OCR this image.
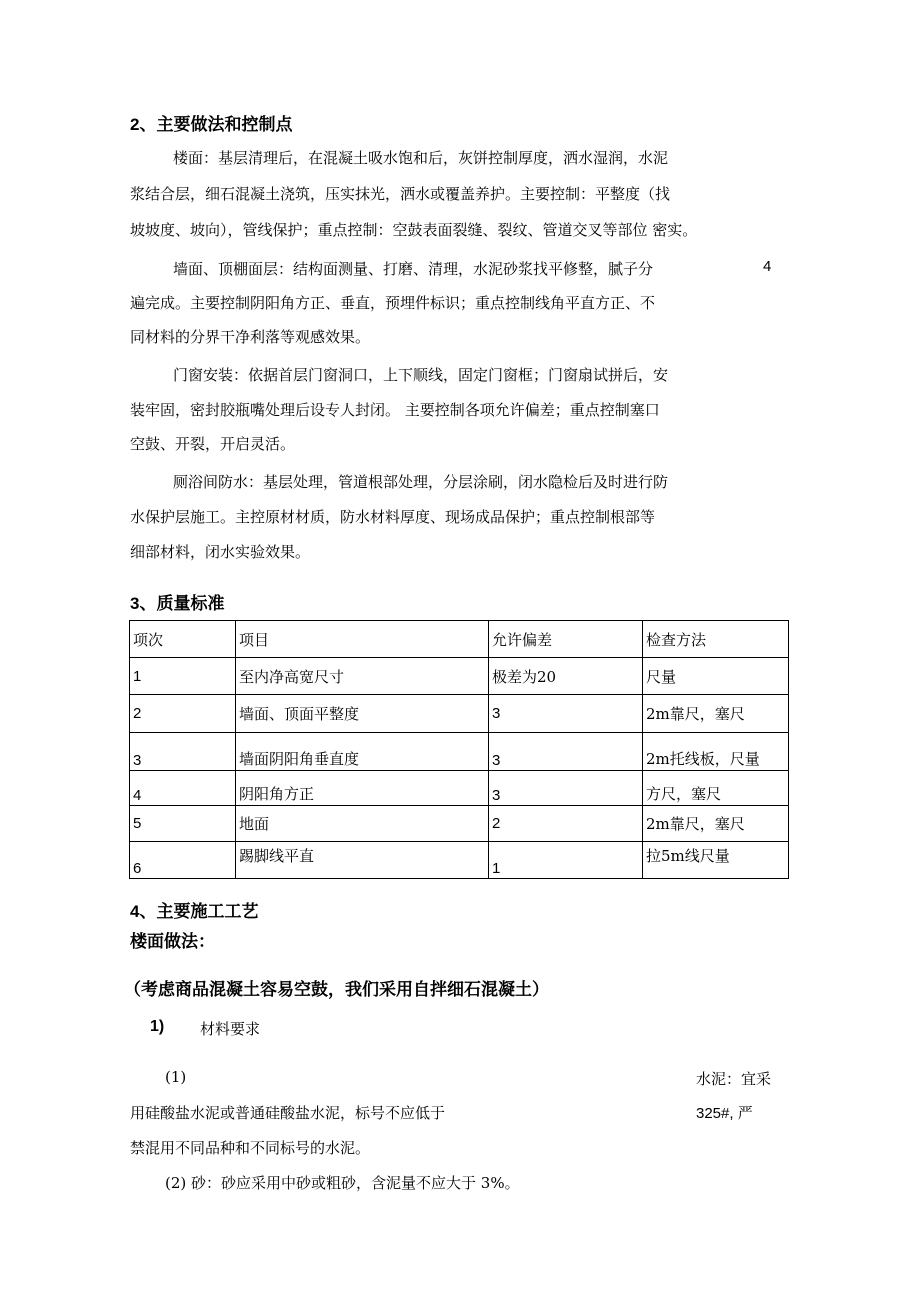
2、主要做法和控制点
楼面：基层清理后，在混凝土吸水饱和后，灰饼控制厚度，洒水湿润，水泥
浆结合层，细石混凝土浇筑，压实抹光，洒水或覆盖养护。主要控制：平整度（找
坡坡度、坡向），管线保护；重点控制：空鼓表面裂缝、裂纹、管道交叉等部位 密实。
墙面、顶棚面层：结构面测量、打磨、清理，水泥砂浆找平修整，腻子分	4
遍完成。主要控制阴阳角方正、垂直，预埋件标识；重点控制线角平直方正、不
同材料的分界干净利落等观感效果。
门窗安装：依据首层门窗洞口，上下顺线，固定门窗框；门窗扇试拼后，安
装牢固，密封胶瓶嘴处理后设专人封闭。 主要控制各项允许偏差；重点控制塞口
空鼓、开裂，开启灵活。
厕浴间防水：基层处理，管道根部处理，分层涂刷，闭水隐检后及时进行防
水保护层施工。主控原材材质，防水材料厚度、现场成品保护；重点控制根部等
细部材料，闭水实验效果。
3、质量标准
项次	项目	允许偏差	检查方法
1	至内净高宽尺寸	极差为20	尺量
2	墙面、顶面平整度	3	2m靠尺，塞尺
3	墙面阴阳角垂直度	3	2m托线板，尺量
4	阴阳角方正	3	方尺，塞尺
5	地面	2	2m靠尺，塞尺
6	踢脚线平直	1	拉5m线尺量
4、主要施工工艺
楼面做法：
（考虑商品混凝土容易空鼓，我们采用自拌细石混凝土）
1) 材料要求
(1)	水泥：宜采
用硅酸盐水泥或普通硅酸盐水泥，标号不应低于	325#, 严
禁混用不同品种和不同标号的水泥。
(2) 砂：砂应采用中砂或粗砂，含泥量不应大于 3%。
